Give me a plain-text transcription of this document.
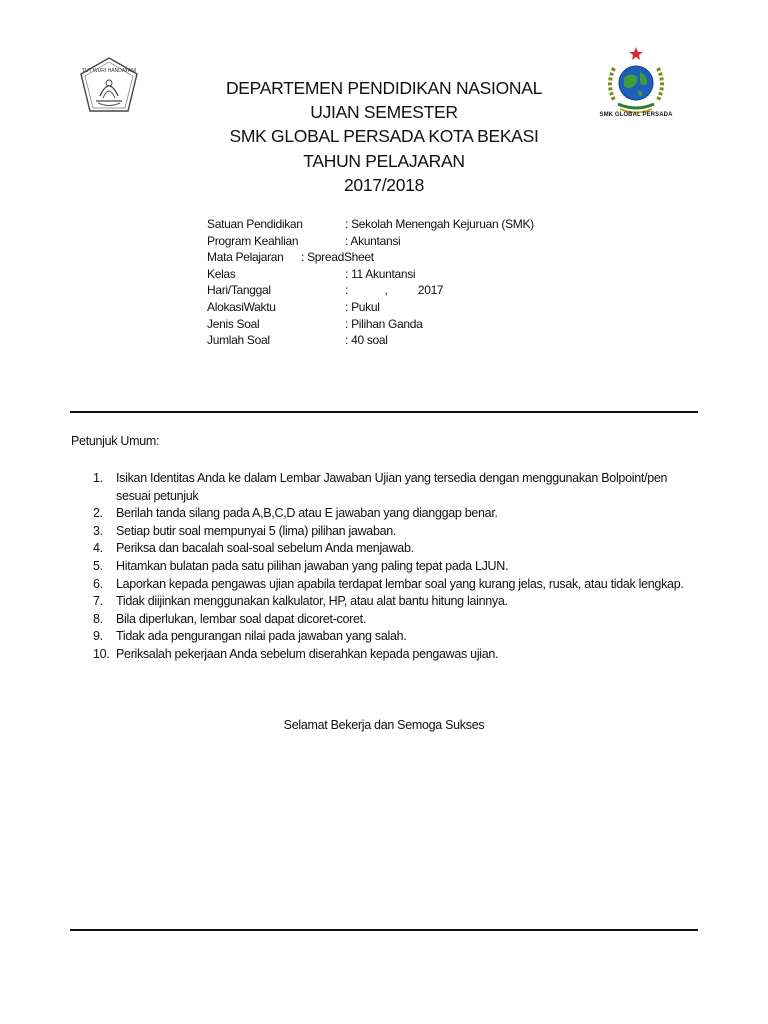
TUT WURI HANDAYANI
SMK GLOBAL PERSADA
DEPARTEMEN PENDIDIKAN NASIONAL
UJIAN SEMESTER
SMK GLOBAL PERSADA KOTA BEKASI
TAHUN PELAJARAN
2017/2018
Satuan Pendidikan	: Sekolah Menengah Kejuruan (SMK)
Program Keahlian	: Akuntansi
Mata Pelajaran : SpreadSheet
Kelas	: 11 Akuntansi
Hari/Tanggal	:            ,          2017
AlokasiWaktu	: Pukul
Jenis Soal	: Pilihan Ganda
Jumlah Soal	: 40 soal
Petunjuk Umum:
1. Isikan Identitas Anda ke dalam Lembar Jawaban Ujian yang tersedia dengan menggunakan Bolpoint/pen sesuai petunjuk
2. Berilah tanda silang pada A,B,C,D atau E jawaban yang dianggap benar.
3. Setiap butir soal mempunyai 5 (lima) pilihan jawaban.
4. Periksa dan bacalah soal-soal sebelum Anda menjawab.
5. Hitamkan bulatan pada satu pilihan jawaban yang paling tepat pada LJUN.
6. Laporkan kepada pengawas ujian apabila terdapat lembar soal yang kurang jelas, rusak, atau tidak lengkap.
7. Tidak diijinkan menggunakan kalkulator, HP, atau alat bantu hitung lainnya.
8. Bila diperlukan, lembar soal dapat dicoret-coret.
9. Tidak ada pengurangan nilai pada jawaban yang salah.
10. Periksalah pekerjaan Anda sebelum diserahkan kepada pengawas ujian.
Selamat Bekerja dan Semoga Sukses
